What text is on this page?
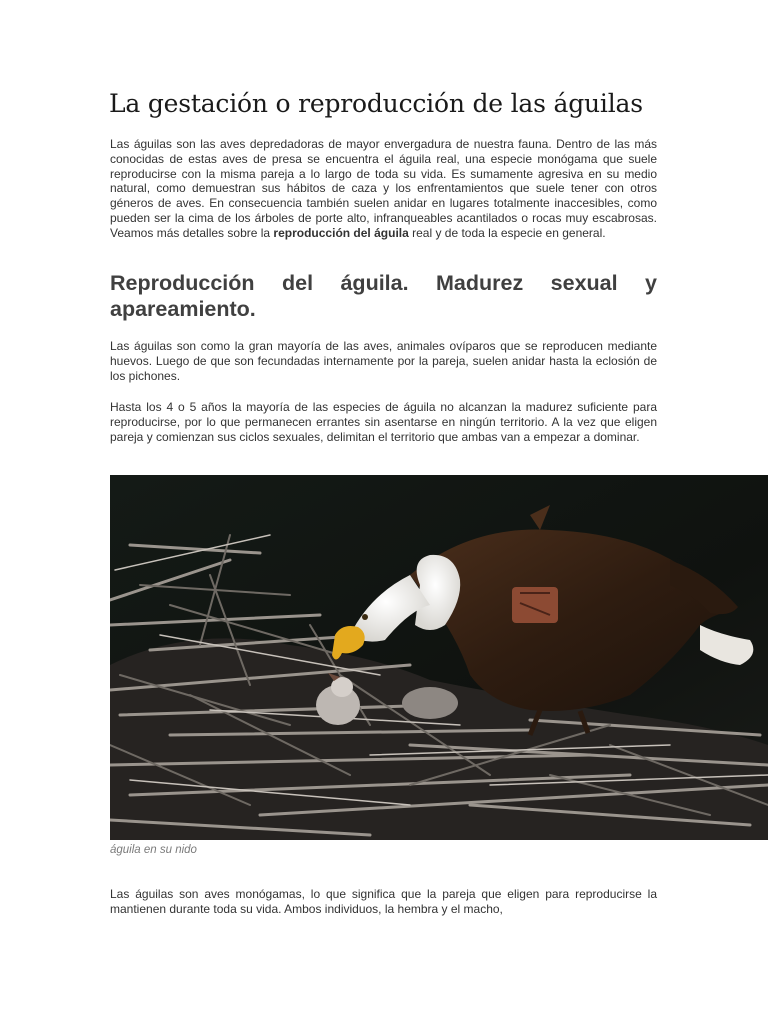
La gestación o reproducción de las águilas

Las águilas son las aves depredadoras de mayor envergadura de nuestra fauna. Dentro de las más conocidas de estas aves de presa se encuentra el águila real, una especie monógama que suele reproducirse con la misma pareja a lo largo de toda su vida. Es sumamente agresiva en su medio natural, como demuestran sus hábitos de caza y los enfrentamientos que suele tener con otros géneros de aves. En consecuencia también suelen anidar en lugares totalmente inaccesibles, como pueden ser la cima de los árboles de porte alto, infranqueables acantilados o rocas muy escabrosas. Veamos más detalles sobre la reproducción del águila real y de toda la especie en general.

Reproducción del águila. Madurez sexual y apareamiento.

Las águilas son como la gran mayoría de las aves, animales ovíparos que se reproducen mediante huevos. Luego de que son fecundadas internamente por la pareja, suelen anidar hasta la eclosión de los pichones.

Hasta los 4 o 5 años la mayoría de las especies de águila no alcanzan la madurez suficiente para reproducirse, por lo que permanecen errantes sin asentarse en ningún territorio. A la vez que eligen pareja y comienzan sus ciclos sexuales, delimitan el territorio que ambas van a empezar a dominar.

águila en su nido

Las águilas son aves monógamas, lo que significa que la pareja que eligen para reproducirse la mantienen durante toda su vida. Ambos individuos, la hembra y el macho,
